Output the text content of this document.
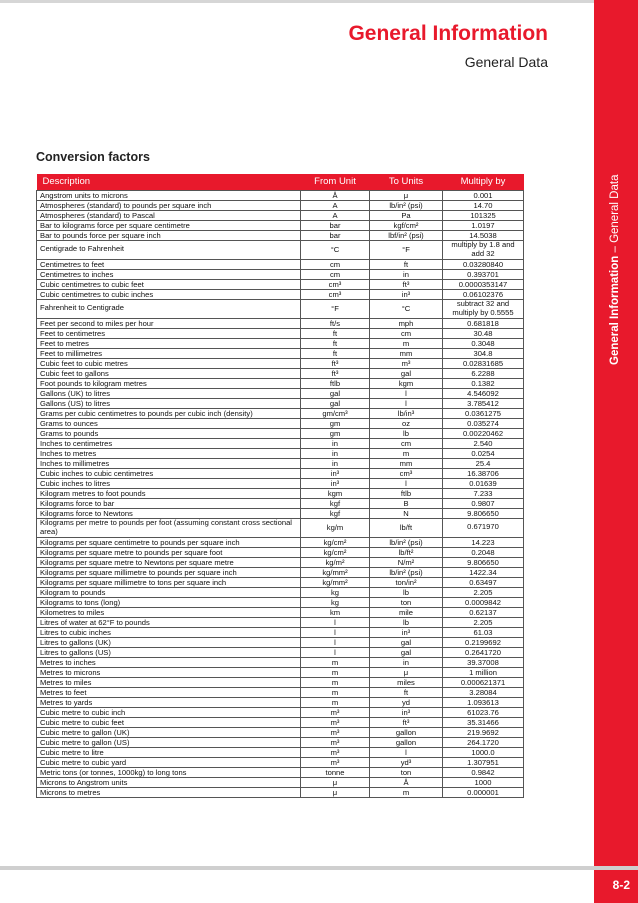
General Information – General Data
General Information
General Data
Conversion factors
Description	From Unit	To Units	Multiply by
Angstrom units to microns	Å	μ	0.001
Atmospheres (standard) to pounds per square inch	A	lb/in² (psi)	14.70
Atmospheres (standard) to Pascal	A	Pa	101325
Bar to kilograms force per square centimetre	bar	kgf/cm²	1.0197
Bar to pounds force per square inch	bar	lbf/in² (psi)	14.5038
Centigrade to Fahrenheit	°C	°F	multiply by 1.8 and add 32
Centimetres to feet	cm	ft	0.03280840
Centimetres to inches	cm	in	0.393701
Cubic centimetres to cubic feet	cm³	ft³	0.0000353147
Cubic centimetres to cubic inches	cm³	in³	0.06102376
Fahrenheit to Centigrade	°F	°C	subtract 32 and multiply by 0.5555
Feet per second to miles per hour	ft/s	mph	0.681818
Feet to centimetres	ft	cm	30.48
Feet to metres	ft	m	0.3048
Feet to millimetres	ft	mm	304.8
Cubic feet to cubic metres	ft³	m³	0.02831685
Cubic feet to gallons	ft³	gal	6.2288
Foot pounds to kilogram metres	ftlb	kgm	0.1382
Gallons (UK) to litres	gal	l	4.546092
Gallons (US) to litres	gal	l	3.785412
Grams per cubic centimetres to pounds per cubic inch (density)	gm/cm³	lb/in³	0.0361275
Grams to ounces	gm	oz	0.035274
Grams to pounds	gm	lb	0.00220462
Inches to centimetres	in	cm	2.540
Inches to metres	in	m	0.0254
Inches to millimetres	in	mm	25.4
Cubic inches to cubic centimetres	in³	cm³	16.38706
Cubic inches to litres	in³	l	0.01639
Kilogram metres to foot pounds	kgm	ftlb	7.233
Kilograms force to bar	kgf	B	0.9807
Kilograms force to Newtons	kgf	N	9.806650
Kilograms per metre to pounds per foot (assuming constant cross sectional area)	kg/m	lb/ft	0.671970
Kilograms per square centimetre to pounds per square inch	kg/cm²	lb/in² (psi)	14.223
Kilograms per square metre to pounds per square foot	kg/cm²	lb/ft²	0.2048
Kilograms per square metre to Newtons per square metre	kg/m²	N/m²	9.806650
Kilograms per square millimetre to pounds per square inch	kg/mm²	lb/in² (psi)	1422.34
Kilograms per square millimetre to tons per square inch	kg/mm²	ton/in²	0.63497
Kilogram to pounds	kg	lb	2.205
Kilograms to tons (long)	kg	ton	0.0009842
Kilometres to miles	km	mile	0.62137
Litres of water at 62°F to pounds	l	lb	2.205
Litres to cubic inches	l	in³	61.03
Litres to gallons (UK)	l	gal	0.2199692
Litres to gallons (US)	l	gal	0.2641720
Metres to inches	m	in	39.37008
Metres to microns	m	μ	1 million
Metres to miles	m	miles	0.000621371
Metres to feet	m	ft	3.28084
Metres to yards	m	yd	1.093613
Cubic metre to cubic inch	m³	in³	61023.76
Cubic metre to cubic feet	m³	ft³	35.31466
Cubic metre to gallon (UK)	m³	gallon	219.9692
Cubic metre to gallon (US)	m³	gallon	264.1720
Cubic metre to litre	m³	l	1000.0
Cubic metre to cubic yard	m³	yd³	1.307951
Metric tons (or tonnes, 1000kg) to long tons	tonne	ton	0.9842
Microns to Angstrom units	μ	Å	1000
Microns to metres	μ	m	0.000001
8-2
